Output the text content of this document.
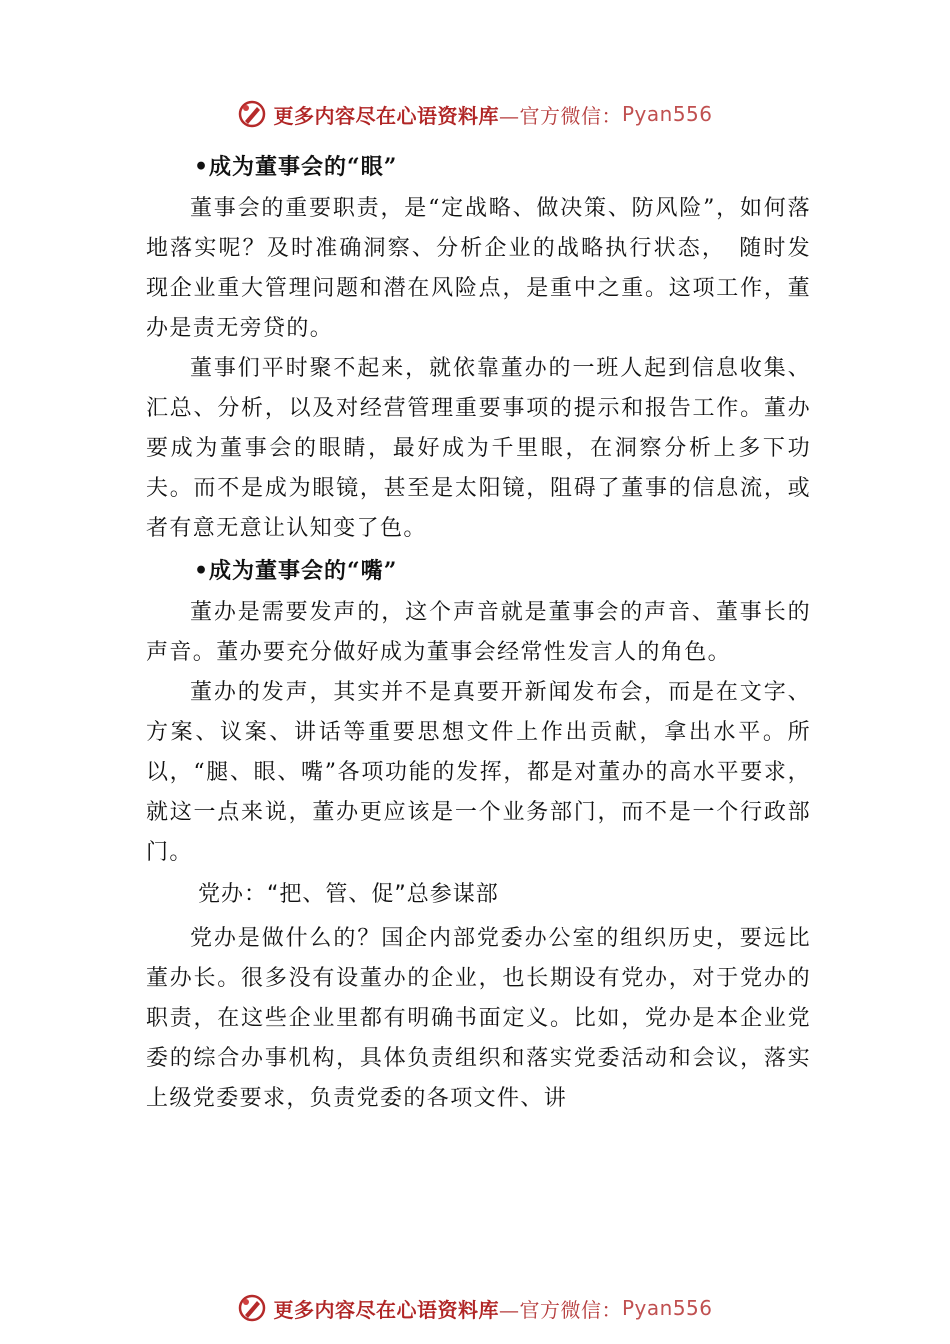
更多内容尽在心语资料库 —官方微信： Pyan556

•成为董事会的“眼”

董事会的重要职责，是“定战略、做决策、防风险”，如何落地落实呢？及时准确洞察、分析企业的战略执行状态，　随时发现企业重大管理问题和潜在风险点，是重中之重。这项工作，董办是责无旁贷的。

董事们平时聚不起来，就依靠董办的一班人起到信息收集、汇总、分析，以及对经营管理重要事项的提示和报告工作。董办要成为董事会的眼睛，最好成为千里眼，在洞察分析上多下功夫。而不是成为眼镜，甚至是太阳镜，阻碍了董事的信息流，或者有意无意让认知变了色。

•成为董事会的“嘴”

董办是需要发声的，这个声音就是董事会的声音、董事长的声音。董办要充分做好成为董事会经常性发言人的角色。

董办的发声，其实并不是真要开新闻发布会，而是在文字、方案、议案、讲话等重要思想文件上作出贡献，拿出水平。所以，“腿、眼、嘴”各项功能的发挥，都是对董办的高水平要求，就这一点来说，董办更应该是一个业务部门，而不是一个行政部门。

党办：“把、管、促”总参谋部

党办是做什么的？国企内部党委办公室的组织历史，要远比董办长。很多没有设董办的企业，也长期设有党办，对于党办的职责，在这些企业里都有明确书面定义。比如，党办是本企业党委的综合办事机构，具体负责组织和落实党委活动和会议，落实上级党委要求，负责党委的各项文件、讲

更多内容尽在心语资料库 —官方微信： Pyan556
